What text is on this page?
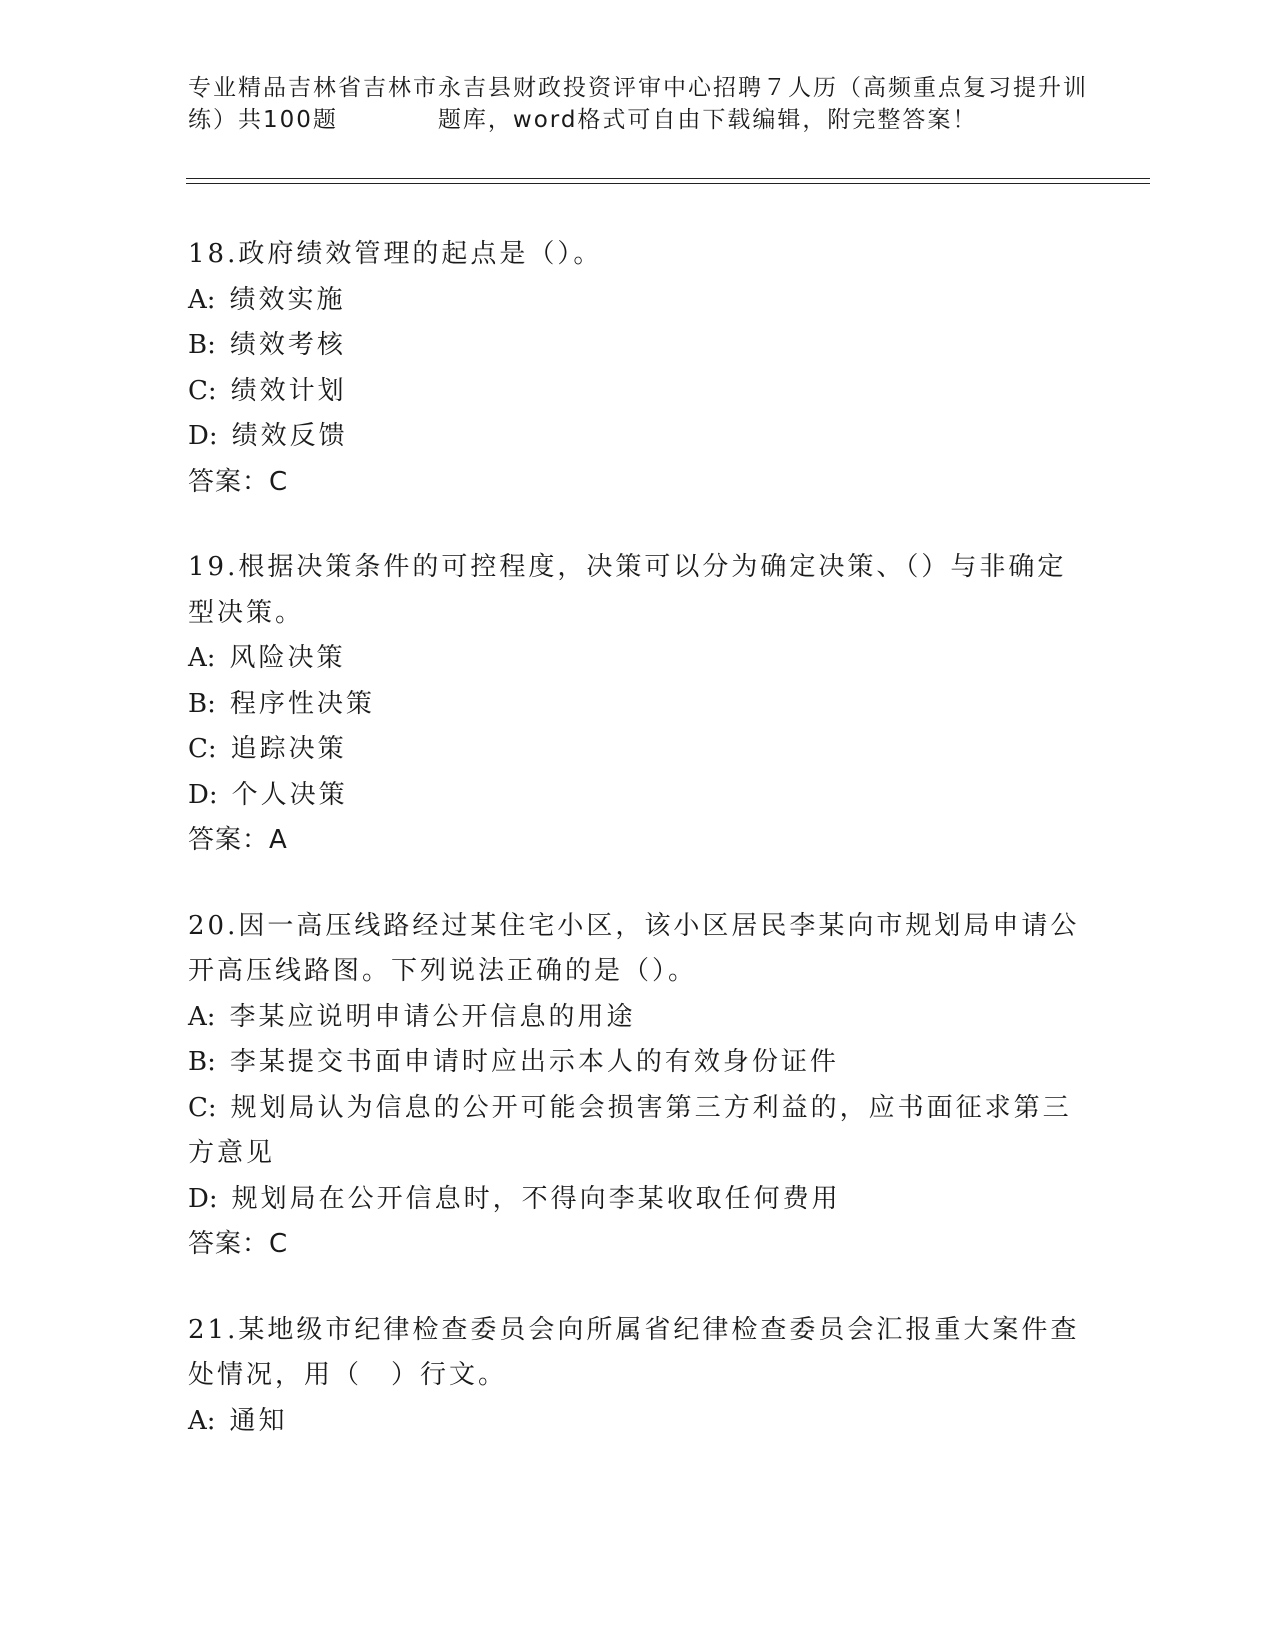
专业精品吉林省吉林市永吉县财政投资评审中心招聘７人历（高频重点复习提升训
练）共100题　　　　题库，word格式可自由下载编辑，附完整答案！
18.政府绩效管理的起点是（）。
A: 绩效实施
B: 绩效考核
C: 绩效计划
D: 绩效反馈
答案：C
19.根据决策条件的可控程度，决策可以分为确定决策、（）与非确定
型决策。
A: 风险决策
B: 程序性决策
C: 追踪决策
D: 个人决策
答案：A
20.因一高压线路经过某住宅小区，该小区居民李某向市规划局申请公
开高压线路图。下列说法正确的是（）。
A: 李某应说明申请公开信息的用途
B: 李某提交书面申请时应出示本人的有效身份证件
C: 规划局认为信息的公开可能会损害第三方利益的，应书面征求第三
方意见
D: 规划局在公开信息时，不得向李某收取任何费用
答案：C
21.某地级市纪律检查委员会向所属省纪律检查委员会汇报重大案件查
处情况，用（　）行文。
A: 通知
